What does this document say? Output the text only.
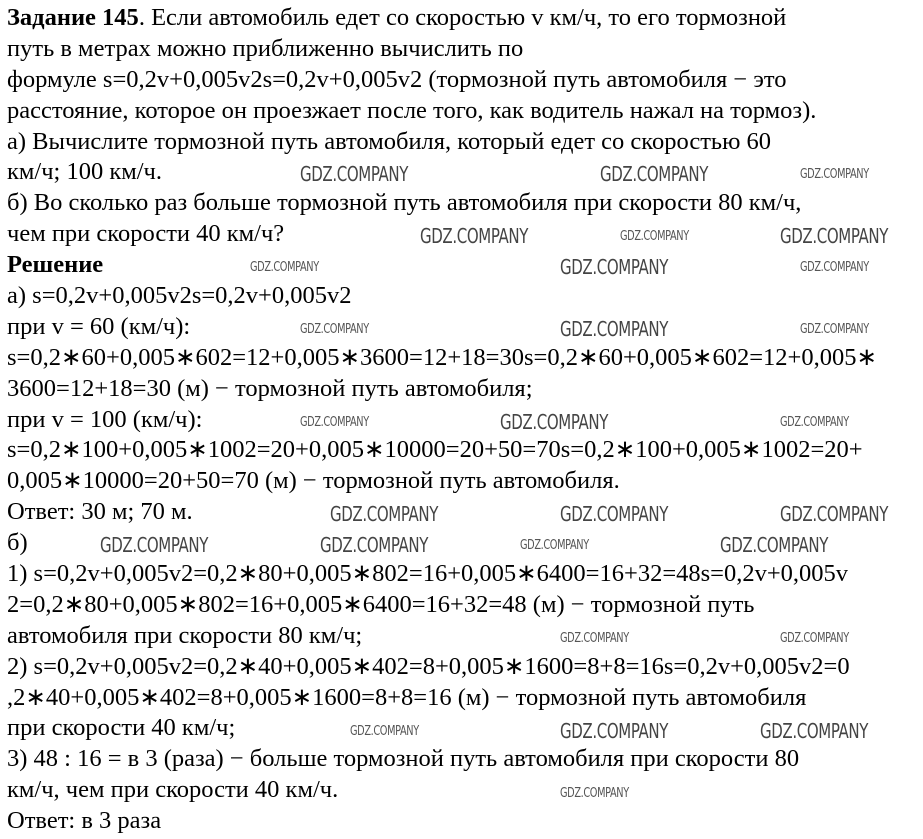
Задание 145. Если автомобиль едет со скоростью v км/ч, то его тормозной
путь в метрах можно приближенно вычислить по
формуле s=0,2v+0,005v2s=0,2v+0,005v2 (тормозной путь автомобиля − это
расстояние, которое он проезжает после того, как водитель нажал на тормоз).
а) Вычислите тормозной путь автомобиля, который едет со скоростью 60
км/ч; 100 км/ч.
б) Во сколько раз больше тормозной путь автомобиля при скорости 80 км/ч,
чем при скорости 40 км/ч?
Решение
а) s=0,2v+0,005v2s=0,2v+0,005v2
при v = 60 (км/ч):
s=0,2∗60+0,005∗602=12+0,005∗3600=12+18=30s=0,2∗60+0,005∗602=12+0,005∗
3600=12+18=30 (м) − тормозной путь автомобиля;
при v = 100 (км/ч):
s=0,2∗100+0,005∗1002=20+0,005∗10000=20+50=70s=0,2∗100+0,005∗1002=20+
0,005∗10000=20+50=70 (м) − тормозной путь автомобиля.
Ответ: 30 м; 70 м.
б)
1) s=0,2v+0,005v2=0,2∗80+0,005∗802=16+0,005∗6400=16+32=48s=0,2v+0,005v
2=0,2∗80+0,005∗802=16+0,005∗6400=16+32=48 (м) − тормозной путь
автомобиля при скорости 80 км/ч;
2) s=0,2v+0,005v2=0,2∗40+0,005∗402=8+0,005∗1600=8+8=16s=0,2v+0,005v2=0
,2∗40+0,005∗402=8+0,005∗1600=8+8=16 (м) − тормозной путь автомобиля
при скорости 40 км/ч;
3) 48 : 16 = в 3 (раза) − больше тормозной путь автомобиля при скорости 80
км/ч, чем при скорости 40 км/ч.
Ответ: в 3 раза
GDZ.COMPANY	GDZ.COMPANY	GDZ.COMPANY
GDZ.COMPANY	GDZ.COMPANY	GDZ.COMPANY
GDZ.COMPANY	GDZ.COMPANY	GDZ.COMPANY
GDZ.COMPANY	GDZ.COMPANY	GDZ.COMPANY
GDZ.COMPANY	GDZ.COMPANY	GDZ.COMPANY
GDZ.COMPANY	GDZ.COMPANY	GDZ.COMPANY
GDZ.COMPANY	GDZ.COMPANY	GDZ.COMPANY	GDZ.COMPANY
GDZ.COMPANY	GDZ.COMPANY
GDZ.COMPANY	GDZ.COMPANY	GDZ.COMPANY
GDZ.COMPANY
